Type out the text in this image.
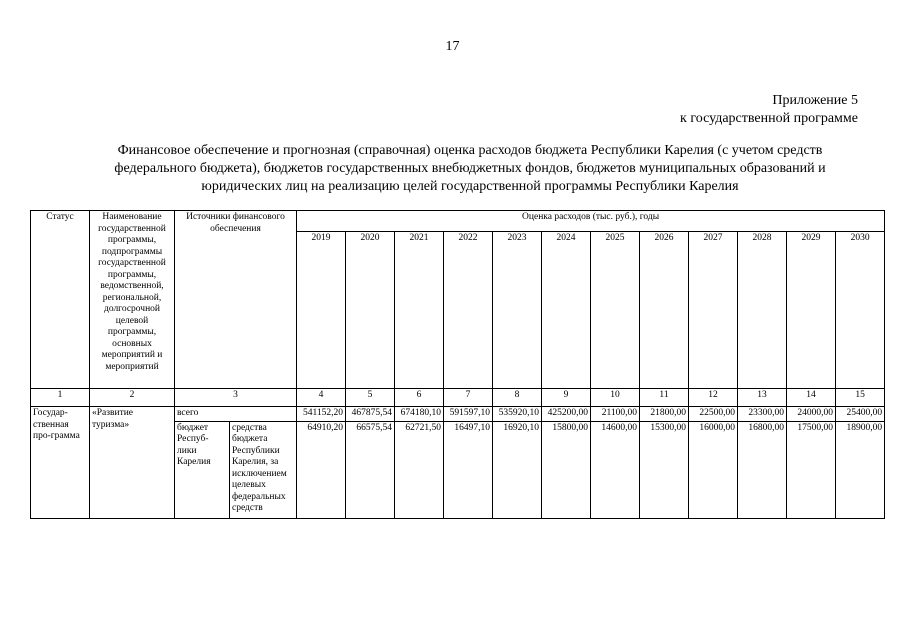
17
Приложение 5
к государственной программе
Финансовое обеспечение и прогнозная (справочная) оценка расходов бюджета Республики Карелия (с учетом средств
федерального бюджета), бюджетов государственных внебюджетных фондов, бюджетов муниципальных образований и
юридических лиц на реализацию целей государственной программы Республики Карелия
Статус	Наименование государственной программы, подпрограммы государственной программы, ведомственной, региональной, долгосрочной целевой программы, основных мероприятий и мероприятий	Источники финансового обеспечения		Оценка расходов (тыс. руб.), годы											
				2019	2020	2021	2022	2023	2024	2025	2026	2027	2028	2029	2030
1	2	3		4	5	6	7	8	9	10	11	12	13	14	15
Государ-ственная про-грамма	«Развитие туризма»	всего		541152,20	467875,54	674180,10	591597,10	535920,10	425200,00	21100,00	21800,00	22500,00	23300,00	24000,00	25400,00
		бюджет Респуб-лики Карелия	средства бюджета Республики Карелия, за исключением целевых федеральных средств	64910,20	66575,54	62721,50	16497,10	16920,10	15800,00	14600,00	15300,00	16000,00	16800,00	17500,00	18900,00
